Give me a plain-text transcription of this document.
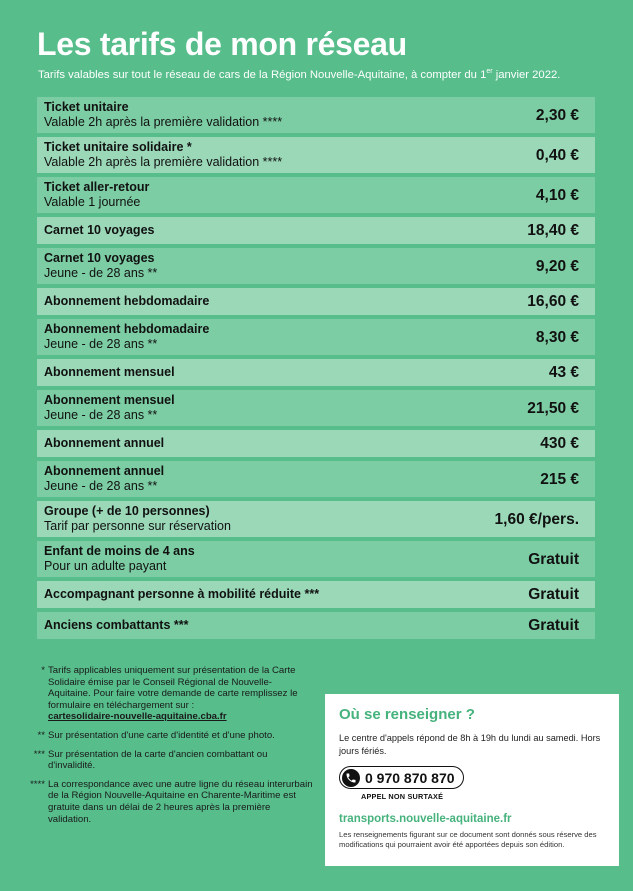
Les tarifs de mon réseau
Tarifs valables sur tout le réseau de cars de la Région Nouvelle-Aquitaine, à compter du 1er janvier 2022.
Ticket unitaire
Valable 2h après la première validation ****	2,30 €
Ticket unitaire solidaire *
Valable 2h après la première validation ****	0,40 €
Ticket aller-retour
Valable 1 journée	4,10 €
Carnet 10 voyages	18,40 €
Carnet 10 voyages
Jeune - de 28 ans **	9,20 €
Abonnement hebdomadaire	16,60 €
Abonnement hebdomadaire
Jeune - de 28 ans **	8,30 €
Abonnement mensuel	43 €
Abonnement mensuel
Jeune - de 28 ans **	21,50 €
Abonnement annuel	430 €
Abonnement annuel
Jeune - de 28 ans **	215 €
Groupe (+ de 10 personnes)
Tarif par personne sur réservation	1,60 €/pers.
Enfant de moins de 4 ans
Pour un adulte payant	Gratuit
Accompagnant personne à mobilité réduite ***	Gratuit
Anciens combattants ***	Gratuit
* Tarifs applicables uniquement sur présentation de la Carte Solidaire émise par le Conseil Régional de Nouvelle-Aquitaine. Pour faire votre demande de carte remplissez le formulaire en téléchargement sur :
cartesolidaire-nouvelle-aquitaine.cba.fr
** Sur présentation d'une carte d'identité et d'une photo.
*** Sur présentation de la carte d'ancien combattant ou d'invalidité.
**** La correspondance avec une autre ligne du réseau interurbain de la Région Nouvelle-Aquitaine en Charente-Maritime est gratuite dans un délai de 2 heures après la première validation.
Où se renseigner ?
Le centre d'appels répond de 8h à 19h du lundi au samedi. Hors jours fériés.
0 970 870 870
APPEL NON SURTAXÉ
transports.nouvelle-aquitaine.fr
Les renseignements figurant sur ce document sont donnés sous réserve des modifications qui pourraient avoir été apportées depuis son édition.
